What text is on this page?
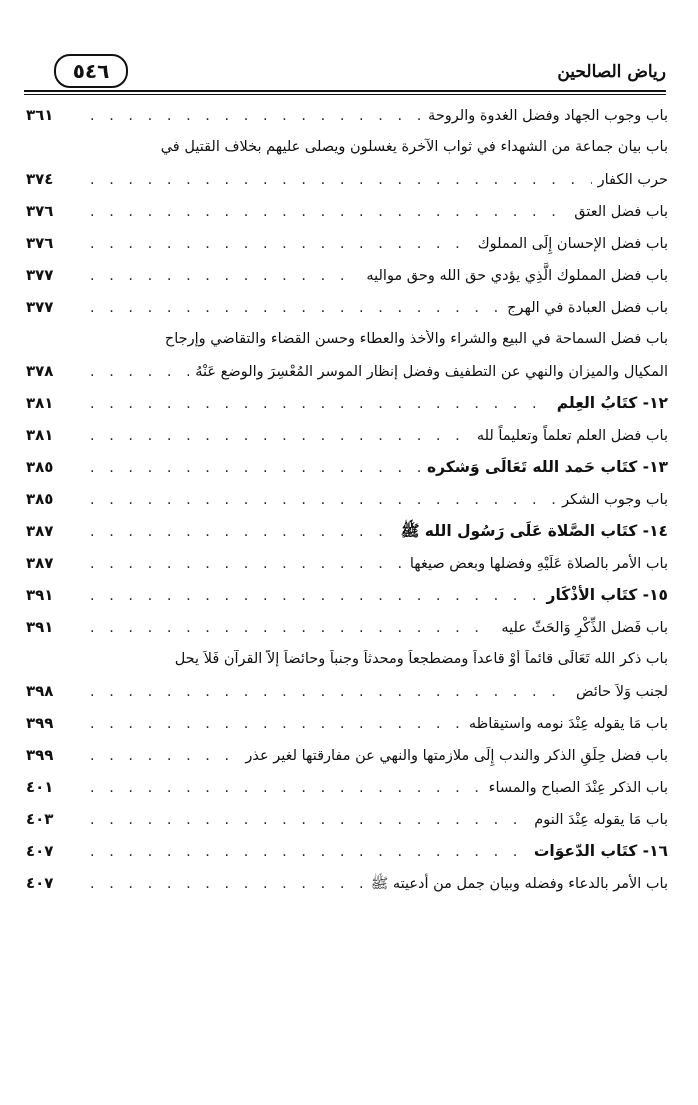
رياض الصالحين
٥٤٦
باب وجوب الجهاد وفضل الغدوة والروحة
. . .
٣٦١
باب بيان جماعة من الشهداء في ثواب الآخرة يغسلون ويصلى عليهم بخلاف القتيل في
حرب الكفار
. . .
٣٧٤
باب فضل العتق
. . .
٣٧٦
باب فضل الإحسان إِلَى المملوك
. . .
٣٧٦
باب فضل المملوك الَّذِي يؤدي حق الله وحق مواليه
. . .
٣٧٧
باب فضل العبادة في الهرج
. . .
٣٧٧
باب فضل السماحة في البيع والشراء والأخذ والعطاء وحسن القضاء والتقاضي وإرجاح
المكيال والميزان والنهي عن التطفيف وفضل إنظار الموسر المُعْسِرَ والوضع عَنْهُ
. . .
٣٧٨
١٢- كتَابُ العِلم
. . .
٣٨١
باب فضل العلم تعلماً وتعليماً لله
. . .
٣٨١
١٣- كتَاب حَمد الله تَعَالَى وَشكره
. . .
٣٨٥
باب وجوب الشكر
. . .
٣٨٥
١٤- كتَاب الصَّلاة عَلَى رَسُول الله ﷺ
. . .
٣٨٧
باب الأمر بالصلاة عَلَيْهِ وفضلها وبعض صيغها
. . .
٣٨٧
١٥- كتَاب الأذْكَار
. . .
٣٩١
باب فَضل الذِّكْرِ وَالحَثّ عليه
. . .
٣٩١
باب ذكر الله تَعَالَى قائماً أَوْ قاعداً ومضطجعاً ومحدثاً وجنباً وحائضاً إلاَّ القرآن فَلاَ يحل
لجنب وَلاَ حائض
. . .
٣٩٨
باب مَا يقوله عِنْدَ نومه واستيقاظه
. . .
٣٩٩
باب فضل حِلَقِ الذكر والندب إِلَى ملازمتها والنهي عن مفارقتها لغير عذر
. . .
٣٩٩
باب الذكر عِنْدَ الصباح والمساء
. . .
٤٠١
باب مَا يقوله عِنْدَ النوم
. . .
٤٠٣
١٦- كتَاب الدّعوَات
. . .
٤٠٧
باب الأمر بالدعاء وفضله وبيان جمل من أدعيته ﷺ
. . .
٤٠٧
